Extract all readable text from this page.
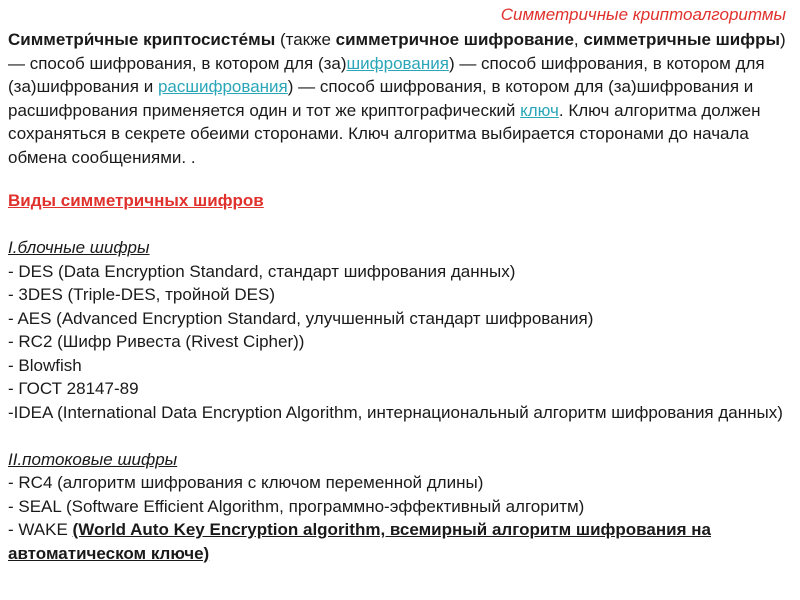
Симметричные криптоалгоритмы
Симметри́чные криптосисте́мы (также симметричное шифрование, симметричные шифры) — способ шифрования, в котором для (за)шифрования) — способ шифрования, в котором для (за)шифрования и расшифрования) — способ шифрования, в котором для (за)шифрования и расшифрования применяется один и тот же криптографический ключ. Ключ алгоритма должен сохраняться в секрете обеими сторонами. Ключ алгоритма выбирается сторонами до начала обмена сообщениями. .
Виды симметричных шифров
I.блочные шифры
- DES (Data Encryption Standard, стандарт шифрования данных)
- 3DES (Triple-DES, тройной DES)
- AES (Advanced Encryption Standard, улучшенный стандарт шифрования)
- RC2 (Шифр Ривеста (Rivest Cipher))
- Blowfish
- ГОСТ 28147-89
-IDEA (International Data Encryption Algorithm, интернациональный алгоритм шифрования данных)
II.потоковые шифры
- RC4 (алгоритм шифрования с ключом переменной длины)
- SEAL (Software Efficient Algorithm, программно-эффективный алгоритм)
- WAKE (World Auto Key Encryption algorithm, всемирный алгоритм шифрования на автоматическом ключе)
